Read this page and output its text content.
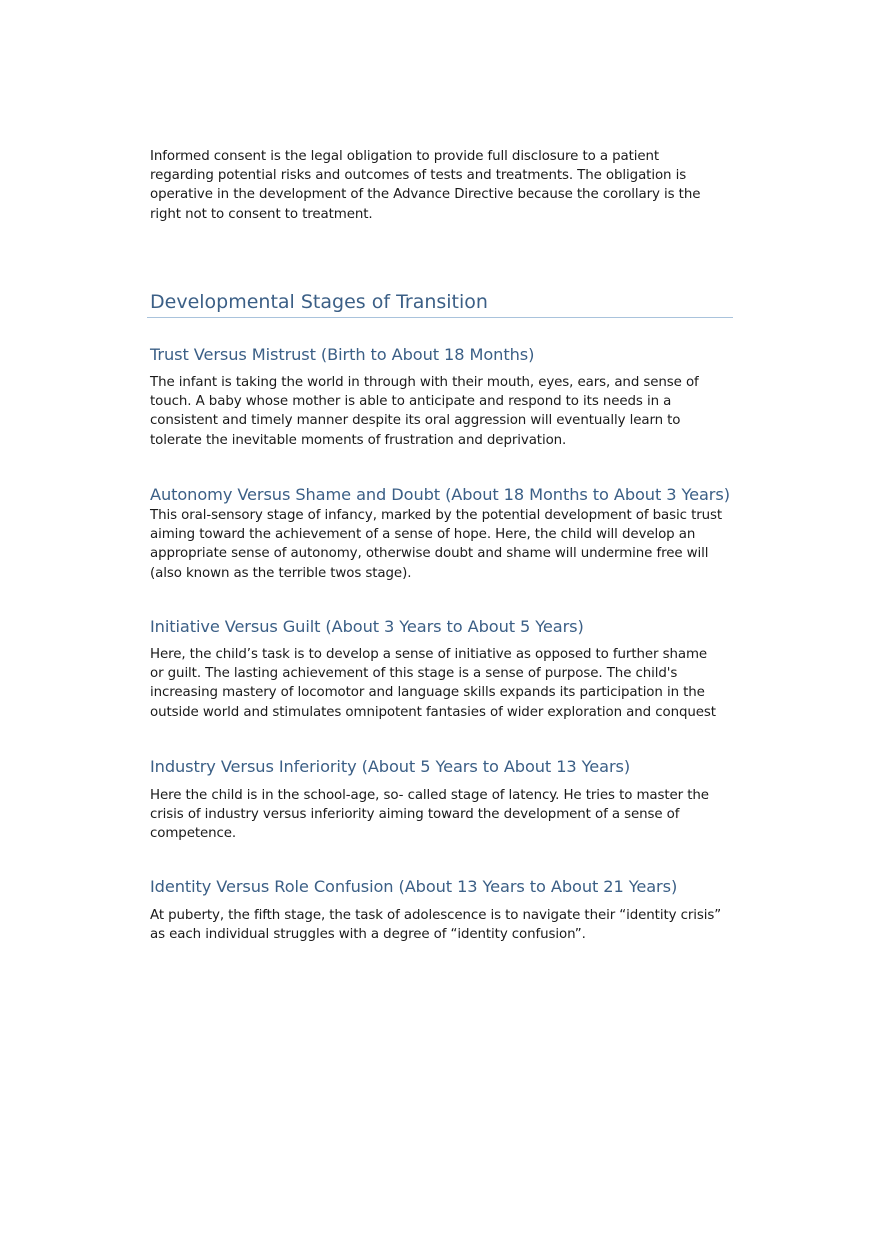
Informed consent is the legal obligation to provide full disclosure to a patient
regarding potential risks and outcomes of tests and treatments. The obligation is
operative in the development of the Advance Directive because the corollary is the
right not to consent to treatment.
Developmental Stages of Transition
Trust Versus Mistrust (Birth to About 18 Months)
The infant is taking the world in through with their mouth, eyes, ears, and sense of
touch. A baby whose mother is able to anticipate and respond to its needs in a
consistent and timely manner despite its oral aggression will eventually learn to
tolerate the inevitable moments of frustration and deprivation.
Autonomy Versus Shame and Doubt (About 18 Months to About 3 Years)
This oral-sensory stage of infancy, marked by the potential development of basic trust
aiming toward the achievement of a sense of hope. Here, the child will develop an
appropriate sense of autonomy, otherwise doubt and shame will undermine free will
(also known as the terrible twos stage).
Initiative Versus Guilt (About 3 Years to About 5 Years)
Here, the child’s task is to develop a sense of initiative as opposed to further shame
or guilt. The lasting achievement of this stage is a sense of purpose. The child's
increasing mastery of locomotor and language skills expands its participation in the
outside world and stimulates omnipotent fantasies of wider exploration and conquest
Industry Versus Inferiority (About 5 Years to About 13 Years)
Here the child is in the school-age, so- called stage of latency. He tries to master the
crisis of industry versus inferiority aiming toward the development of a sense of
competence.
Identity Versus Role Confusion (About 13 Years to About 21 Years)
At puberty, the fifth stage, the task of adolescence is to navigate their “identity crisis”
as each individual struggles with a degree of “identity confusion”.
